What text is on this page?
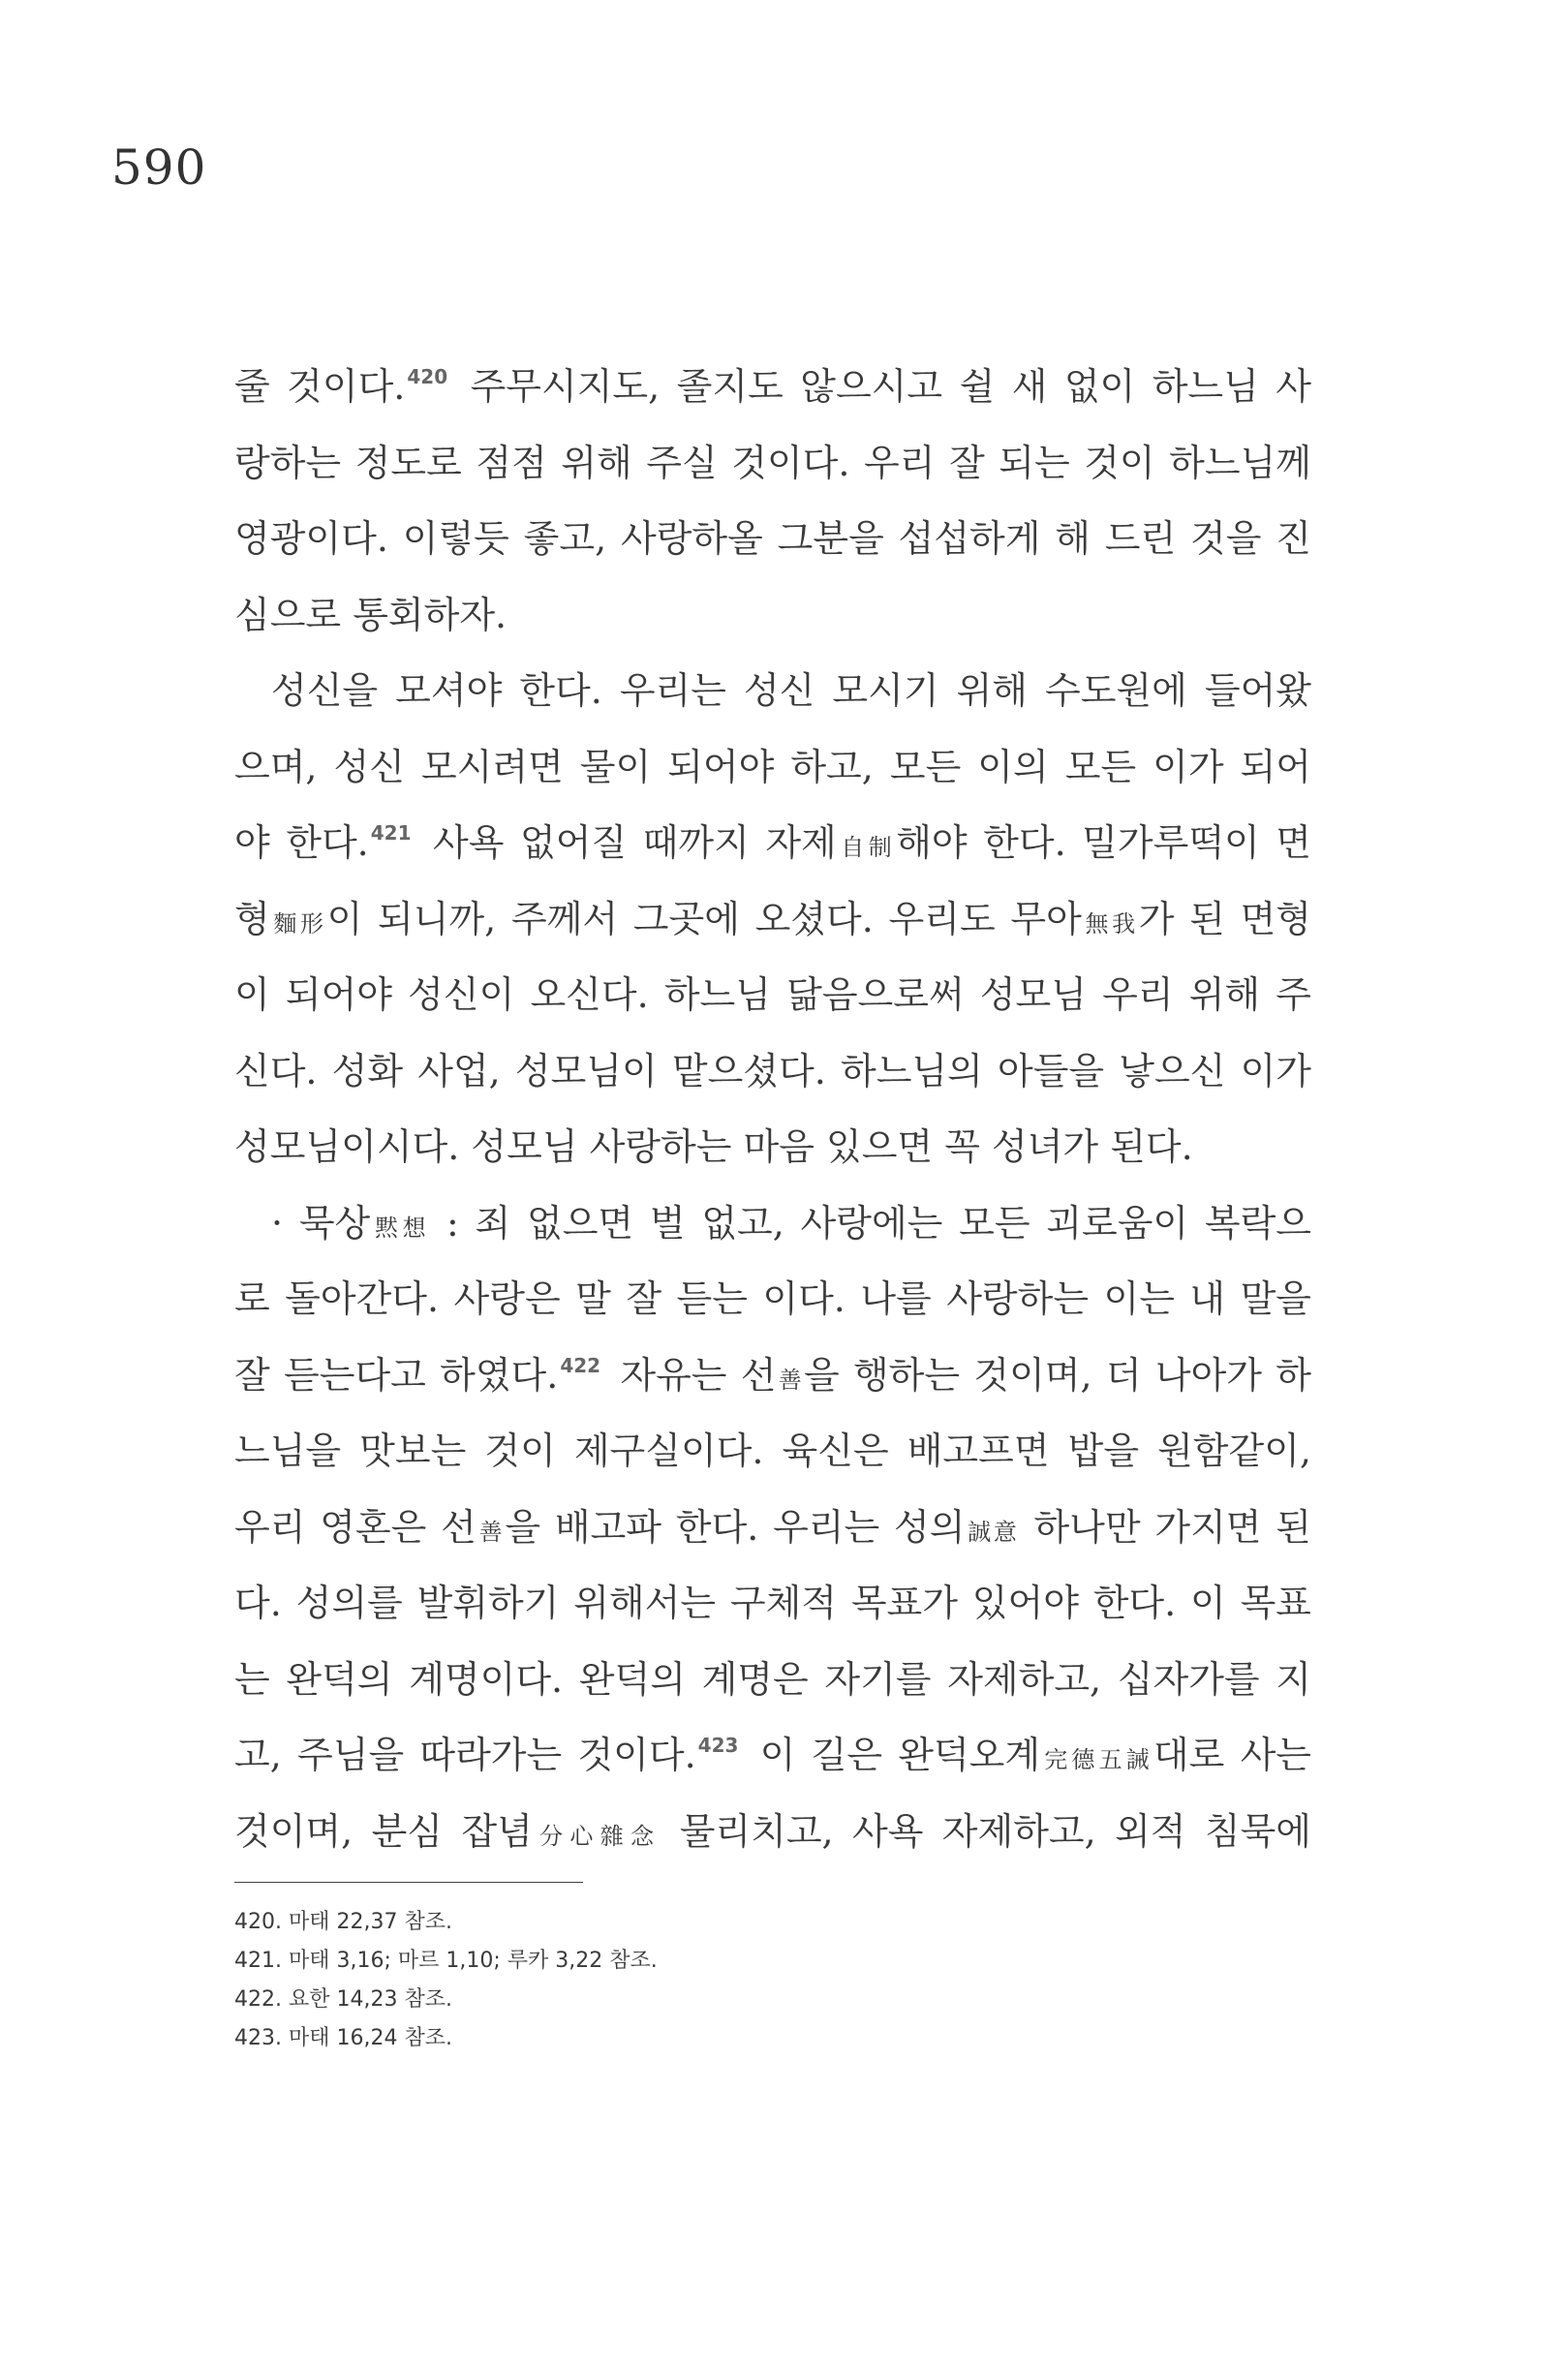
590
줄 것이다. $^{420}$ 주무시지도, 졸지도 않으시고 쉴 새 없이 하느님 사
랑하는 정도로 점점 위해 주실 것이다. 우리 잘 되는 것이 하느님께
영광이다. 이렇듯 좋고, 사랑하올 그분을 섭섭하게 해 드린 것을 진
심으로 통회하자.
성신을 모셔야 한다. 우리는 성신 모시기 위해 수도원에 들어왔
으며, 성신 모시려면 물이 되어야 하고, 모든 이의 모든 이가 되어
야 한다. $^{421}$ 사욕 없어질 때까지 자제自制해야 한다. 밀가루떡이 면
형麵形이 되니까, 주께서 그곳에 오셨다. 우리도 무아無我가 된 면형
이 되어야 성신이 오신다. 하느님 닮음으로써 성모님 우리 위해 주
신다. 성화 사업, 성모님이 맡으셨다. 하느님의 아들을 낳으신 이가
성모님이시다. 성모님 사랑하는 마음 있으면 꼭 성녀가 된다.
· 묵상黙想 : 죄 없으면 벌 없고, 사랑에는 모든 괴로움이 복락으
로 돌아간다. 사랑은 말 잘 듣는 이다. 나를 사랑하는 이는 내 말을
잘 듣는다고 하였다. $^{422}$ 자유는 선善을 행하는 것이며, 더 나아가 하
느님을 맛보는 것이 제구실이다. 육신은 배고프면 밥을 원함같이,
우리 영혼은 선善을 배고파 한다. 우리는 성의誠意 하나만 가지면 된
다. 성의를 발휘하기 위해서는 구체적 목표가 있어야 한다. 이 목표
는 완덕의 계명이다. 완덕의 계명은 자기를 자제하고, 십자가를 지
고, 주님을 따라가는 것이다. $^{423}$ 이 길은 완덕오계完德五誡대로 사는
것이며, 분심 잡념分心雜念 물리치고, 사욕 자제하고, 외적 침묵에
420. 마태 22,37 참조.
421. 마태 3,16; 마르 1,10; 루카 3,22 참조.
422. 요한 14,23 참조.
423. 마태 16,24 참조.
